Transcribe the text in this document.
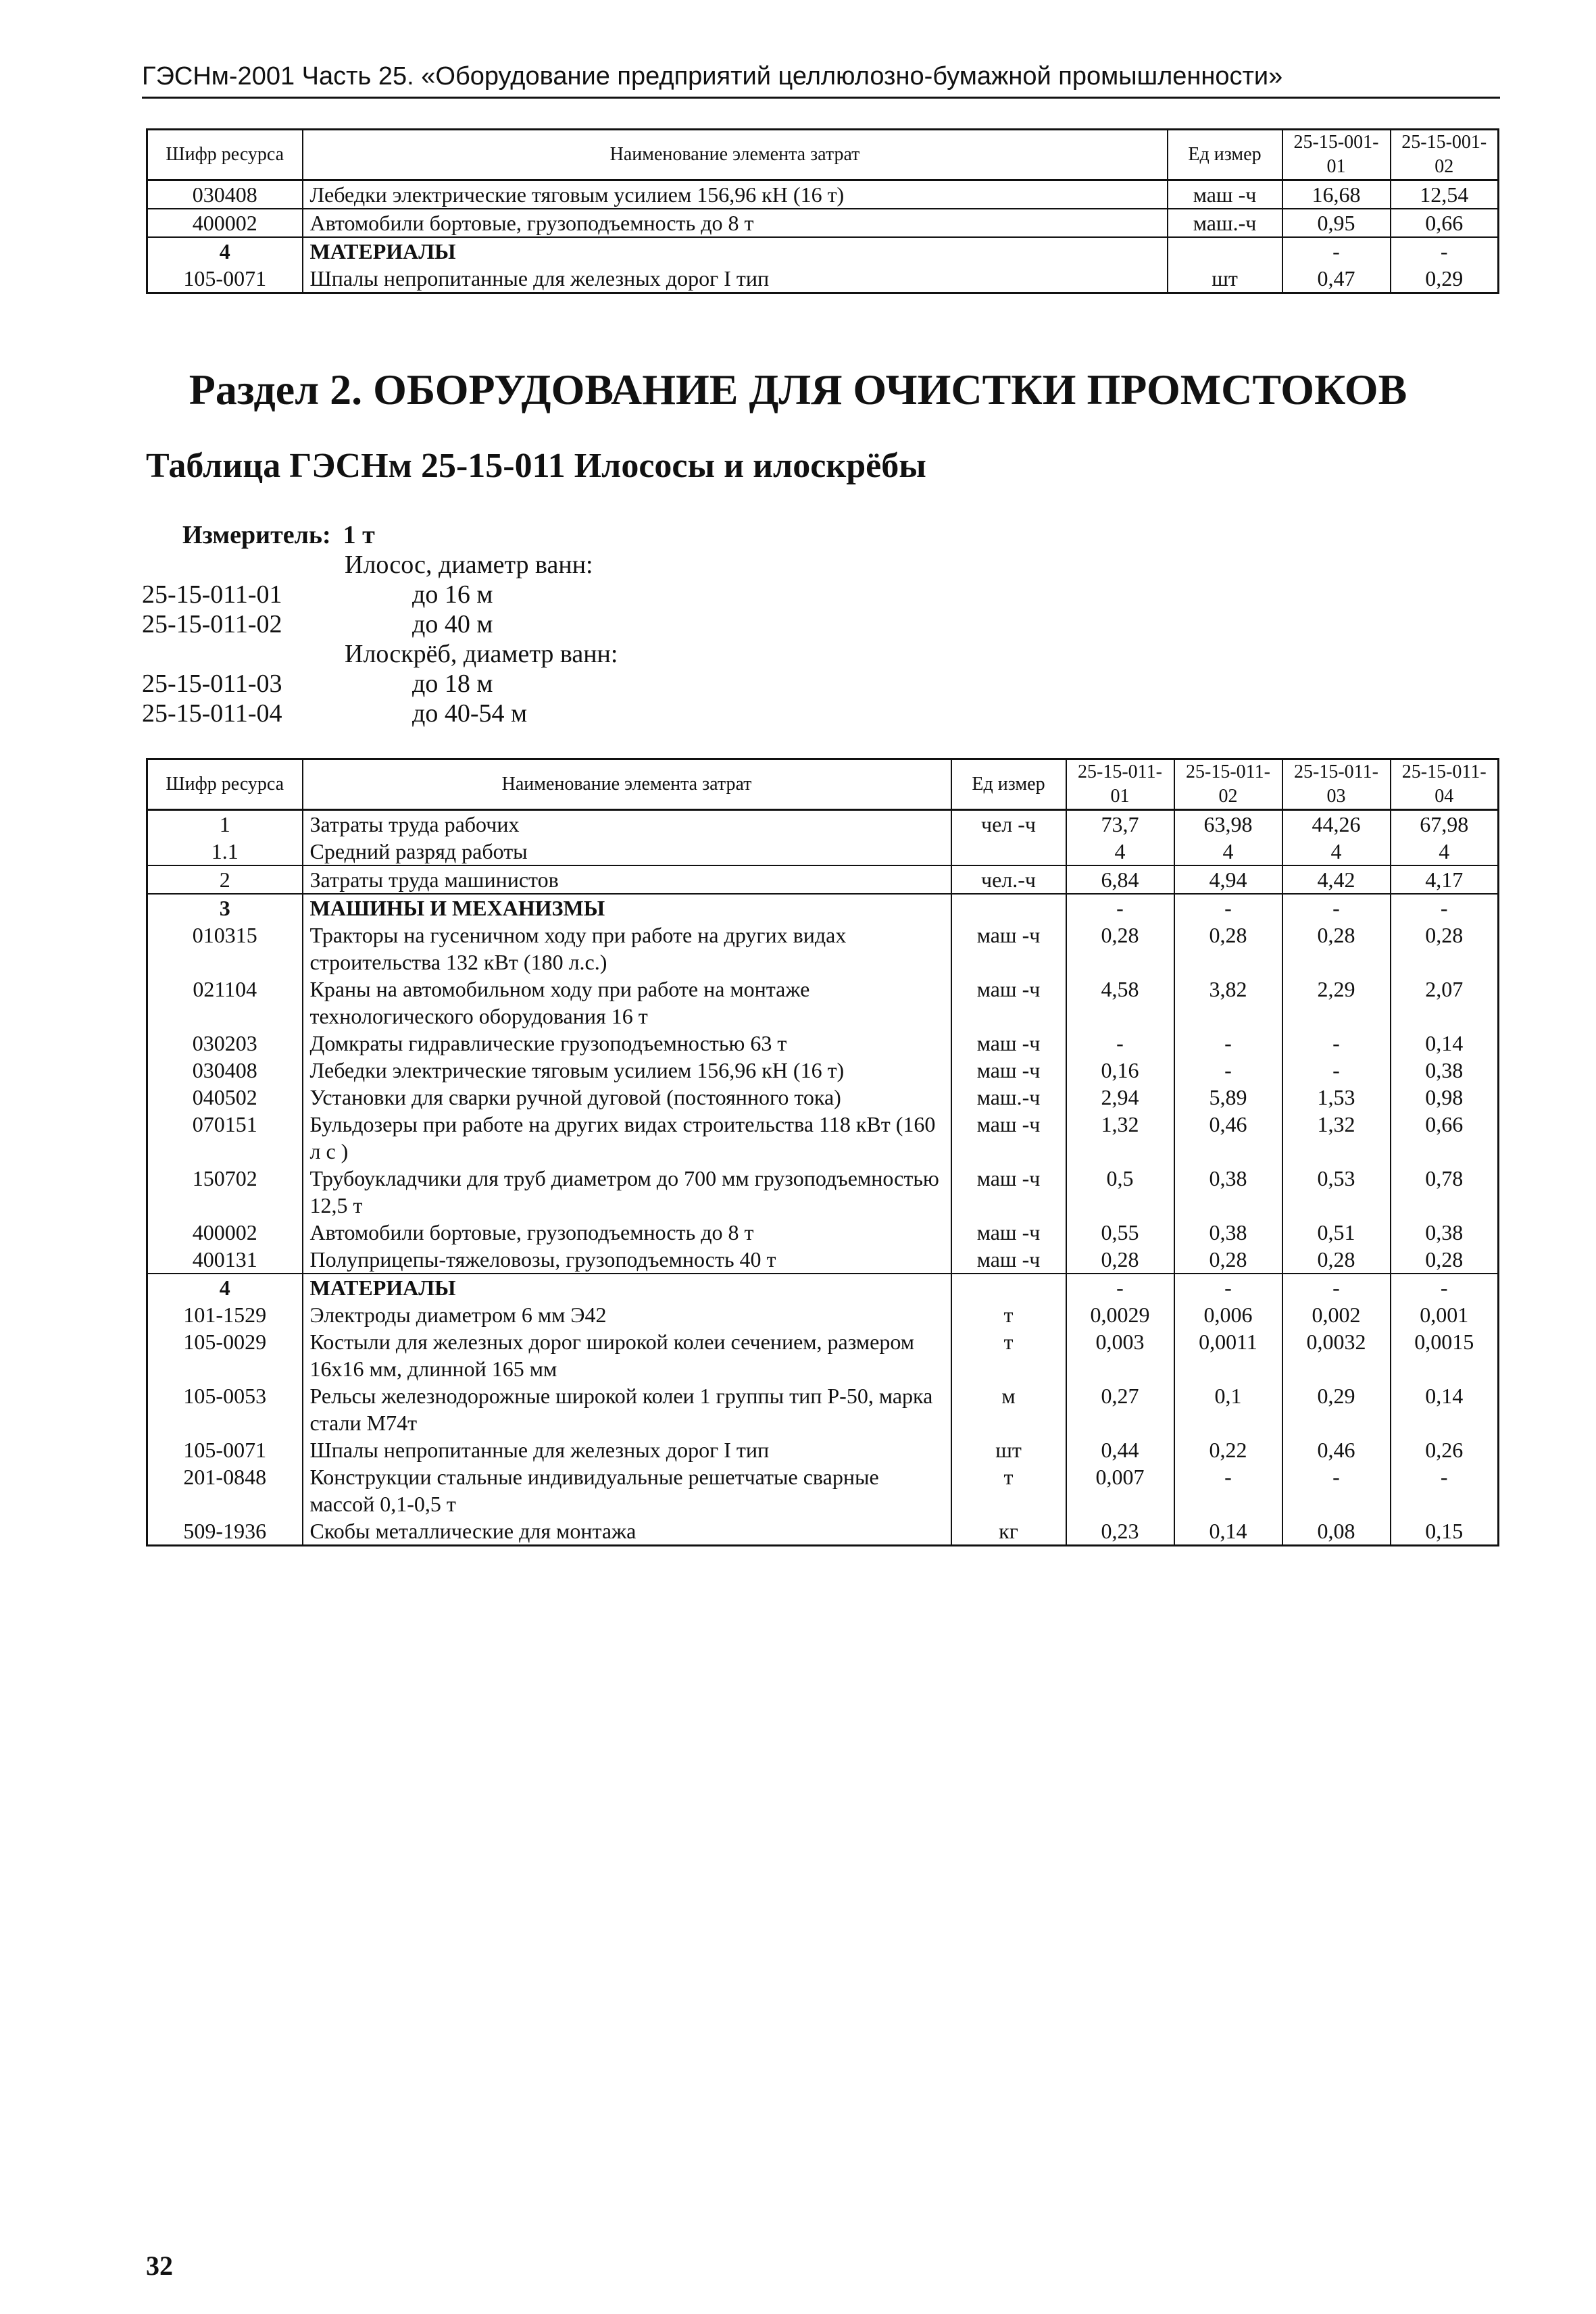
ГЭСНм-2001 Часть 25. «Оборудование предприятий целлюлозно-бумажной промышленности»
Шифр ресурса	Наименование элемента затрат	Ед измер	25-15-001-01	25-15-001-02
030408	Лебедки электрические тяговым усилием 156,96 кН (16 т)	маш -ч	16,68	12,54
400002	Автомобили бортовые, грузоподъемность до 8 т	маш.-ч	0,95	0,66
4	МАТЕРИАЛЫ		-	-
105-0071	Шпалы непропитанные для железных дорог I тип	шт	0,47	0,29
Раздел 2. ОБОРУДОВАНИЕ ДЛЯ ОЧИСТКИ ПРОМСТОКОВ
Таблица ГЭСНм 25-15-011 Илососы и илоскрёбы
Измеритель: 1 т
Илосос, диаметр ванн:
25-15-011-01	до 16 м
25-15-011-02	до 40 м
Илоскрёб, диаметр ванн:
25-15-011-03	до 18 м
25-15-011-04	до 40-54 м
Шифр ресурса	Наименование элемента затрат	Ед измер	25-15-011-01	25-15-011-02	25-15-011-03	25-15-011-04
1	Затраты труда рабочих	чел -ч	73,7	63,98	44,26	67,98
1.1	Средний разряд работы		4	4	4	4
2	Затраты труда машинистов	чел.-ч	6,84	4,94	4,42	4,17
3	МАШИНЫ И МЕХАНИЗМЫ		-	-	-	-
010315	Тракторы на гусеничном ходу при работе на других видах строительства 132 кВт (180 л.с.)	маш -ч	0,28	0,28	0,28	0,28
021104	Краны на автомобильном ходу при работе на монтаже технологического оборудования 16 т	маш -ч	4,58	3,82	2,29	2,07
030203	Домкраты гидравлические грузоподъемностью 63 т	маш -ч	-	-	-	0,14
030408	Лебедки электрические тяговым усилием 156,96 кН (16 т)	маш -ч	0,16	-	-	0,38
040502	Установки для сварки ручной дуговой (постоянного тока)	маш.-ч	2,94	5,89	1,53	0,98
070151	Бульдозеры при работе на других видах строительства 118 кВт (160 л с )	маш -ч	1,32	0,46	1,32	0,66
150702	Трубоукладчики для труб диаметром до 700 мм грузоподъемностью 12,5 т	маш -ч	0,5	0,38	0,53	0,78
400002	Автомобили бортовые, грузоподъемность до 8 т	маш -ч	0,55	0,38	0,51	0,38
400131	Полуприцепы-тяжеловозы, грузоподъемность 40 т	маш -ч	0,28	0,28	0,28	0,28
4	МАТЕРИАЛЫ		-	-	-	-
101-1529	Электроды диаметром 6 мм Э42	т	0,0029	0,006	0,002	0,001
105-0029	Костыли для железных дорог широкой колеи сечением, размером 16х16 мм, длинной 165 мм	т	0,003	0,0011	0,0032	0,0015
105-0053	Рельсы железнодорожные широкой колеи 1 группы тип Р-50, марка стали М74т	м	0,27	0,1	0,29	0,14
105-0071	Шпалы непропитанные для железных дорог I тип	шт	0,44	0,22	0,46	0,26
201-0848	Конструкции стальные индивидуальные решетчатые сварные массой 0,1-0,5 т	т	0,007	-	-	-
509-1936	Скобы металлические для монтажа	кг	0,23	0,14	0,08	0,15
32
